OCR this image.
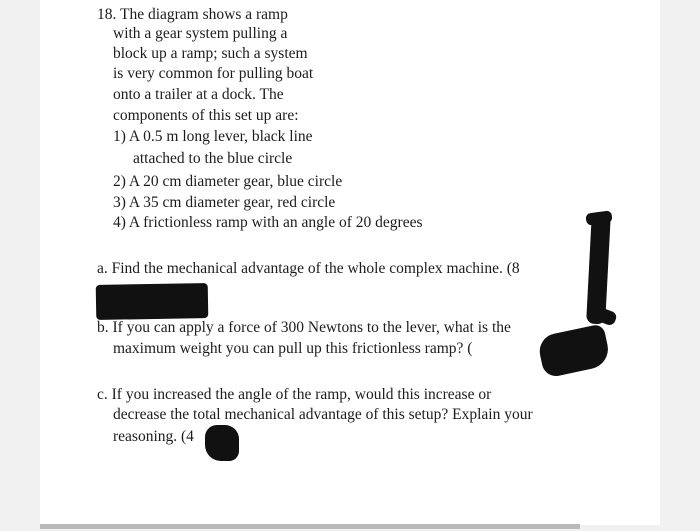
18. The diagram shows a ramp
with a gear system pulling a
block up a ramp; such a system
is very common for pulling boat
onto a trailer at a dock. The
components of this set up are:
1) A 0.5 m long lever, black line
attached to the blue circle
2) A 20 cm diameter gear, blue circle
3) A 35 cm diameter gear, red circle
4) A frictionless ramp with an angle of 20 degrees
a. Find the mechanical advantage of the whole complex machine. (8
b. If you can apply a force of 300 Newtons to the lever, what is the
maximum weight you can pull up this frictionless ramp? (
c. If you increased the angle of the ramp, would this increase or
decrease the total mechanical advantage of this setup? Explain your
reasoning. (4
